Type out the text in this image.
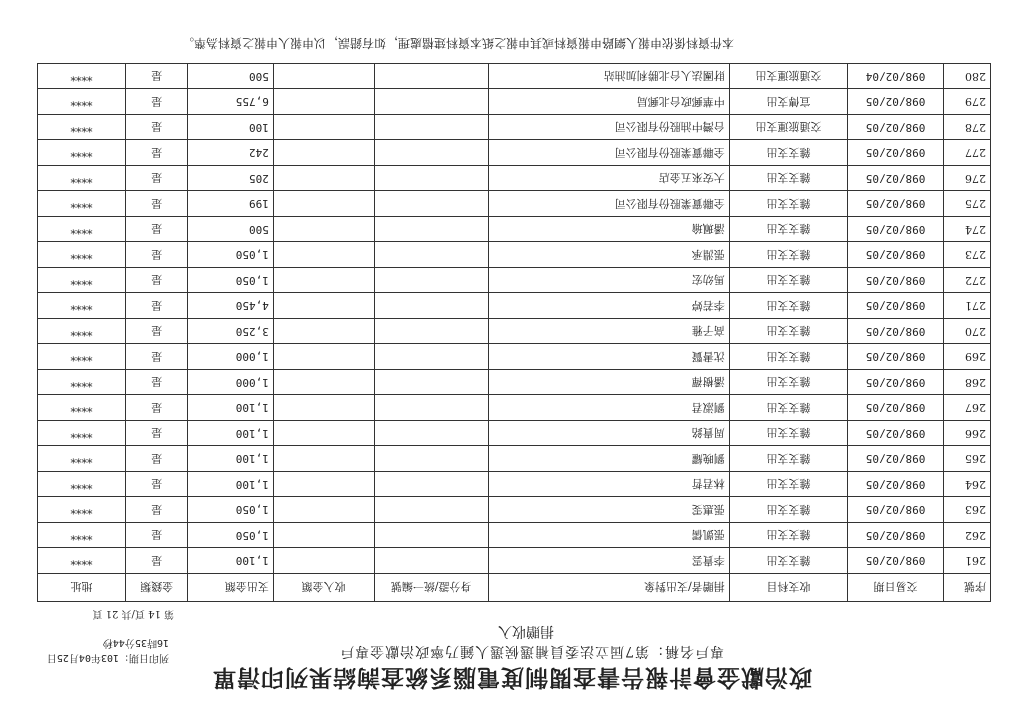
政治獻金會計報告書查閱制度電腦系統查詢結果列印清單
專戶名稱：第7屆立法委員補選候選人鍾乃寧政治獻金專戶
捐贈收入
列印日期：103年04月25日
16時35分44秒
第 14 頁/共 21 頁
序號	交易日期	收支科目	捐贈者/支出對象	身分證/統一編號	收入金額	支出金額	金錢類	地址
261	098/02/05	雜支支出	李貴雲			1,100	是	****
262	098/02/05	雜支支出	張凱儒			1,050	是	****
263	098/02/05	雜支支出	張惠雯			1,050	是	****
264	098/02/05	雜支支出	林君哲			1,100	是	****
265	098/02/05	雜支支出	劉晚耀			1,100	是	****
266	098/02/05	雜支支出	周貴銘			1,100	是	****
267	098/02/05	雜支支出	劉淑君			1,100	是	****
268	098/02/05	雜支支出	潘樹禪			1,000	是	****
269	098/02/05	雜支支出	沈書賢			1,000	是	****
270	098/02/05	雜支支出	高子雅			3,250	是	****
271	098/02/05	雜支支出	李若婷			4,450	是	****
272	098/02/05	雜支支出	馬幼宏			1,050	是	****
273	098/02/05	雜支支出	張淵承			1,050	是	****
274	098/02/05	雜支支出	潘珮瑜			500	是	****
275	098/02/05	雜支支出	全聯實業股份有限公司			199	是	****
276	098/02/05	雜支支出	大安來五金店			205	是	****
277	098/02/05	雜支支出	全聯實業股份有限公司			242	是	****
278	098/02/05	交通旅運支出	台灣中油股份有限公司			100	是	****
279	098/02/05	宣傳支出	中華郵政台北郵局			6,755	是	****
280	098/02/04	交通旅運支出	財團法人台北勝利加油站			500	是	****
本件資料係依申報人網路申報資料或其申報之紙本資料建檔處理，如有錯誤，以申報人申報之資料為準。
